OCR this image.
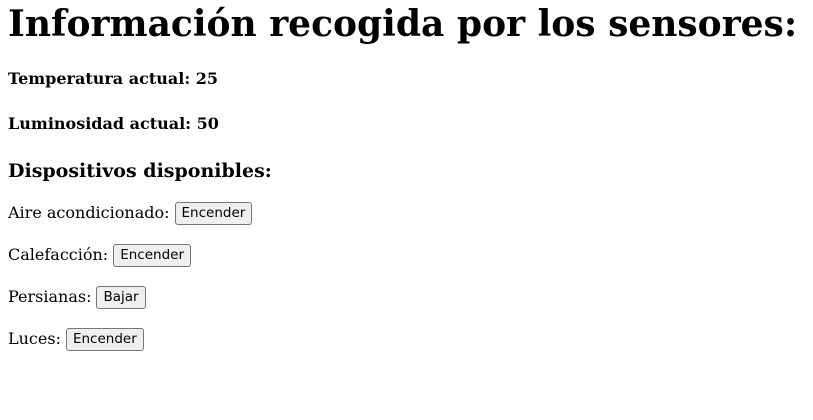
Información recogida por los sensores:
Temperatura actual: 25
Luminosidad actual: 50
Dispositivos disponibles:
Aire acondicionado: Encender
Calefacción: Encender
Persianas: Bajar
Luces: Encender
